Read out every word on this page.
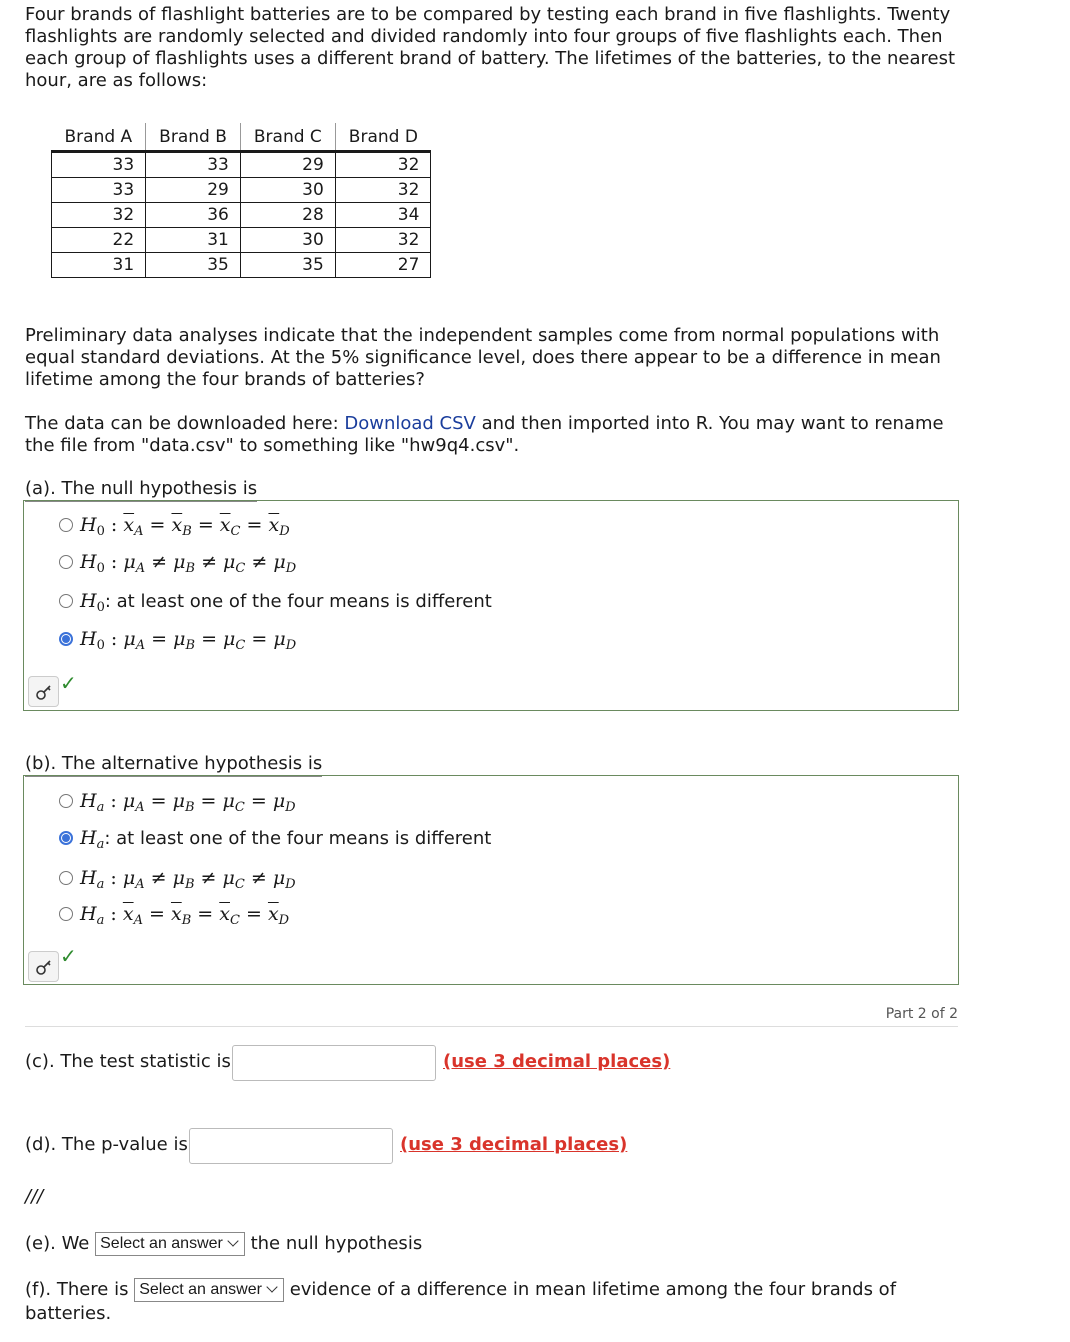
Four brands of flashlight batteries are to be compared by testing each brand in five flashlights. Twenty flashlights are randomly selected and divided randomly into four groups of five flashlights each. Then each group of flashlights uses a different brand of battery. The lifetimes of the batteries, to the nearest hour, are as follows:

Brand A	Brand B	Brand C	Brand D
33	33	29	32
33	29	30	32
32	36	28	34
22	31	30	32
31	35	35	27

Preliminary data analyses indicate that the independent samples come from normal populations with equal standard deviations. At the 5% significance level, does there appear to be a difference in mean lifetime among the four brands of batteries?

The data can be downloaded here: Download CSV and then imported into R. You may want to rename the file from "data.csv" to something like "hw9q4.csv".

(a). The null hypothesis is
$H_0$ : $\overline{x}_A = \overline{x}_B = \overline{x}_C = \overline{x}_D$
$H_0$ : $\mu_A \ne \mu_B \ne \mu_C \ne \mu_D$
$H_0$ : at least one of the four means is different
$H_0$ : $\mu_A = \mu_B = \mu_C = \mu_D$
✓
(b). The alternative hypothesis is
$H_a$ : $\mu_A = \mu_B = \mu_C = \mu_D$
$H_a$ : at least one of the four means is different
$H_a$ : $\mu_A \ne \mu_B \ne \mu_C \ne \mu_D$
$H_a$ : $\overline{x}_A = \overline{x}_B = \overline{x}_C = \overline{x}_D$
✓
Part 2 of 2
(c). The test statistic is	(use 3 decimal places)
(d). The p-value is	(use 3 decimal places)
///
(e). We Select an answer the null hypothesis
(f). There is Select an answer evidence of a difference in mean lifetime among the four brands of batteries.
